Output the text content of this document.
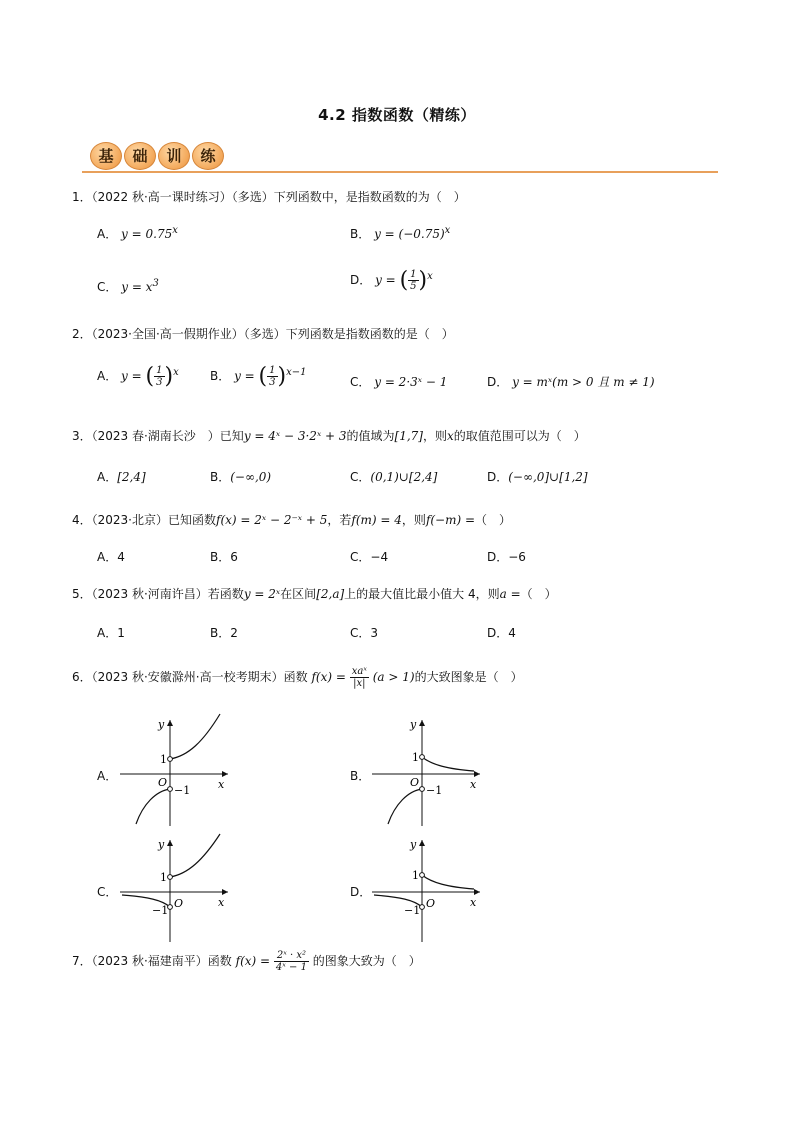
4.2 指数函数（精练）
基	础	训	练
1．（2022 秋·高一课时练习）（多选）下列函数中，是指数函数的为（　）
A． $y = 0.75^x$	B． $y = (-0.75)^x$
C． $y = x^3$	D． y = ( $\frac{1}{5} )^x$
2．（2023·全国·高一假期作业）（多选）下列函数是指数函数的是（　）
A． y = ( $\frac{1}{3} )^x$	B． y = ( $\frac{1}{3} )^{x-1}$
C． y = 2·3ˣ − 1	D． y = mˣ(m > 0 且 m ≠ 1)
3．（2023 春·湖南长沙　）已知y = 4ˣ − 3·2ˣ + 3的值域为[1,7]，则x的取值范围可以为（　）
A．[2,4]	B．(−∞,0)	C．(0,1)∪[2,4]	D．(−∞,0]∪[1,2]
4．（2023·北京）已知函数f(x) = 2ˣ − 2⁻ˣ + 5，若f(m) = 4，则f(−m) =（　）
A．4	B．6	C．−4	D．−6
5．（2023 秋·河南许昌）若函数y = 2ˣ在区间[2,a]上的最大值比最小值大 4，则a =（　）
A．1	B．2	C．3	D．4
6．（2023 秋·安徽滁州·高一校考期末）函数 $f(x) = \frac{\text{xaˣ}}{|x|} (a > 1)$的大致图象是（　）
A．	B．
C．	D．
y
x
O
1
−1
y
x
O
1
−1
y
x
O
1
−1
y
x
O
1
−1
7．（2023 秋·福建南平）函数 $f(x) = \frac{\text{2ˣ · x²}}{\text{4ˣ − 1}}$ 的图象大致为（　）
